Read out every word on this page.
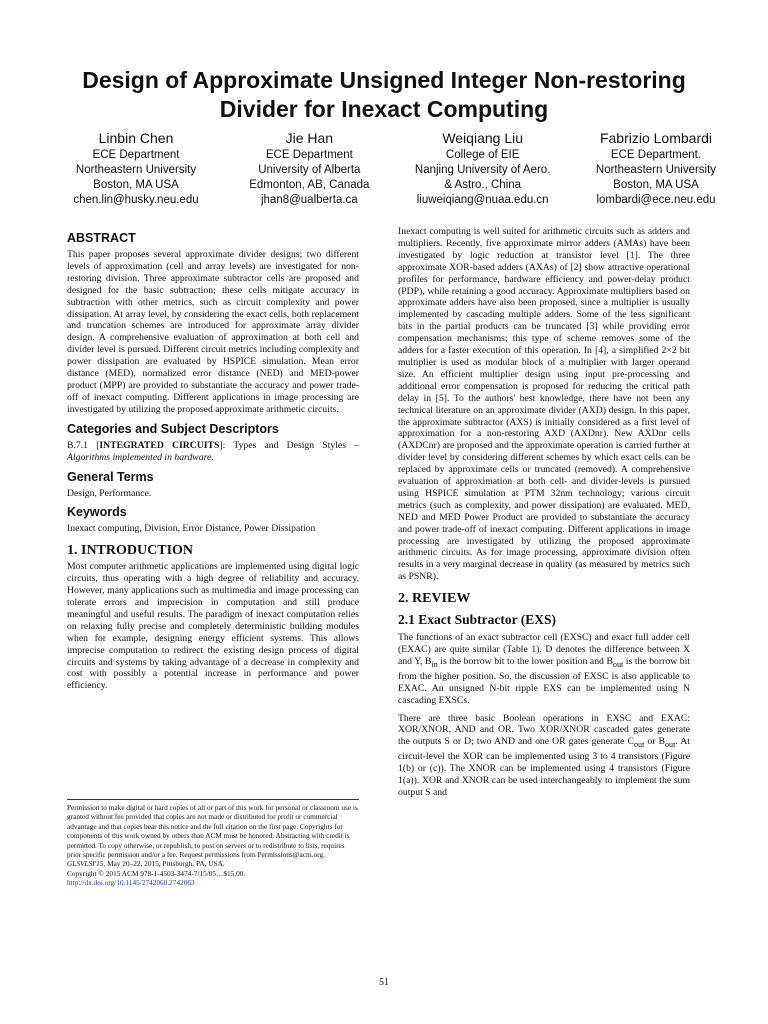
Design of Approximate Unsigned Integer Non-restoring
Divider for Inexact Computing
Linbin Chen
ECE Department
Northeastern University
Boston, MA USA
chen.lin@husky.neu.edu
Jie Han
ECE Department
University of Alberta
Edmonton, AB, Canada
jhan8@ualberta.ca
Weiqiang Liu
College of EIE
Nanjing University of Aero.
& Astro., China
liuweiqiang@nuaa.edu.cn
Fabrizio Lombardi
ECE Department.
Northeastern University
Boston, MA USA
lombardi@ece.neu.edu
ABSTRACT

This paper proposes several approximate divider designs; two different levels of approximation (cell and array levels) are investigated for non-restoring division. Three approximate subtractor cells are proposed and designed for the basic subtraction; these cells mitigate accuracy in subtraction with other metrics, such as circuit complexity and power dissipation. At array level, by considering the exact cells, both replacement and truncation schemes are introduced for approximate array divider design. A comprehensive evaluation of approximation at both cell and divider level is pursued. Different circuit metrics including complexity and power dissipation are evaluated by HSPICE simulation. Mean error distance (MED), normalized error distance (NED) and MED-power product (MPP) are provided to substantiate the accuracy and power trade-off of inexact computing. Different applications in image processing are investigated by utilizing the proposed approximate arithmetic circuits.

Categories and Subject Descriptors

B.7.1 [INTEGRATED CIRCUITS]: Types and Design Styles – Algorithms implemented in hardware.

General Terms

Design, Performance.

Keywords

Inexact computing, Division, Error Distance, Power Dissipation

1. INTRODUCTION

Most computer arithmetic applications are implemented using digital logic circuits, thus operating with a high degree of reliability and accuracy. However, many applications such as multimedia and image processing can tolerate errors and imprecision in computation and still produce meaningful and useful results. The paradigm of inexact computation relies on relaxing fully precise and completely deterministic building modules when for example, designing energy efficient systems. This allows imprecise computation to redirect the existing design process of digital circuits and systems by taking advantage of a decrease in complexity and cost with possibly a potential increase in performance and power efficiency.

Permission to make digital or hard copies of all or part of this work for personal or classroom use is granted without fee provided that copies are not made or distributed for profit or commercial advantage and that copies bear this notice and the full citation on the first page. Copyrights for components of this work owned by others than ACM must be honored. Abstracting with credit is permitted. To copy otherwise, or republish, to post on servers or to redistribute to lists, requires prior specific permission and/or a fee. Request permissions from Permissions@acm.org.

GLSVLSI'15, May 20–22, 2015, Pittsburgh, PA, USA.

Copyright © 2015 ACM 978-1-4503-3474-7/15/05…$15.00.

http://dx.doi.org/10.1145/2742060.2742063

Inexact computing is well suited for arithmetic circuits such as adders and multipliers. Recently, five approximate mirror adders (AMAs) have been investigated by logic reduction at transistor level [1]. The three approximate XOR-based adders (AXAs) of [2] show attractive operational profiles for performance, hardware efficiency and power-delay product (PDP), while retaining a good accuracy. Approximate multipliers based on approximate adders have also been proposed, since a multiplier is usually implemented by cascading multiple adders. Some of the less significant bits in the partial products can be truncated [3] while providing error compensation mechanisms; this type of scheme removes some of the adders for a faster execution of this operation. In [4], a simplified 2×2 bit multiplier is used as modular block of a multiplier with larger operand size. An efficient multiplier design using input pre-processing and additional error compensation is proposed for reducing the critical path delay in [5]. To the authors' best knowledge, there have not been any technical literature on an approximate divider (AXD) design. In this paper, the approximate subtractor (AXS) is initially considered as a first level of approximation for a non-restoring AXD (AXDnr). New AXDnr cells (AXDCnr) are proposed and the approximate operation is carried further at divider level by considering different schemes by which exact cells can be replaced by approximate cells or truncated (removed). A comprehensive evaluation of approximation at both cell- and divider-levels is pursued using HSPICE simulation at PTM 32nm technology; various circuit metrics (such as complexity, and power dissipation) are evaluated. MED, NED and MED Power Product are provided to substantiate the accuracy and power trade-off of inexact computing. Different applications in image processing are investigated by utilizing the proposed approximate arithmetic circuits. As for image processing, approximate division often results in a very marginal decrease in quality (as measured by metrics such as PSNR).

2. REVIEW
2.1 Exact Subtractor (EXS)

The functions of an exact subtractor cell (EXSC) and exact full adder cell (EXAC) are quite similar (Table 1). D denotes the difference between X and Y, $B_{in}$ is the borrow bit to the lower position and $B_{out}$ is the borrow bit from the higher position. So, the discussion of EXSC is also applicable to EXAC. An unsigned N-bit ripple EXS can be implemented using N cascading EXSCs.

There are three basic Boolean operations in EXSC and EXAC: XOR/XNOR, AND and OR. Two XOR/XNOR cascaded gates generate the outputs S or D; two AND and one OR gates generate $C_{out}$ or $B_{out}$. At circuit-level the XOR can be implemented using 3 to 4 transistors (Figure 1(b) or (c)). The XNOR can be implemented using 4 transistors (Figure 1(a)). XOR and XNOR can be used interchangeably to implement the sum output S and

51
